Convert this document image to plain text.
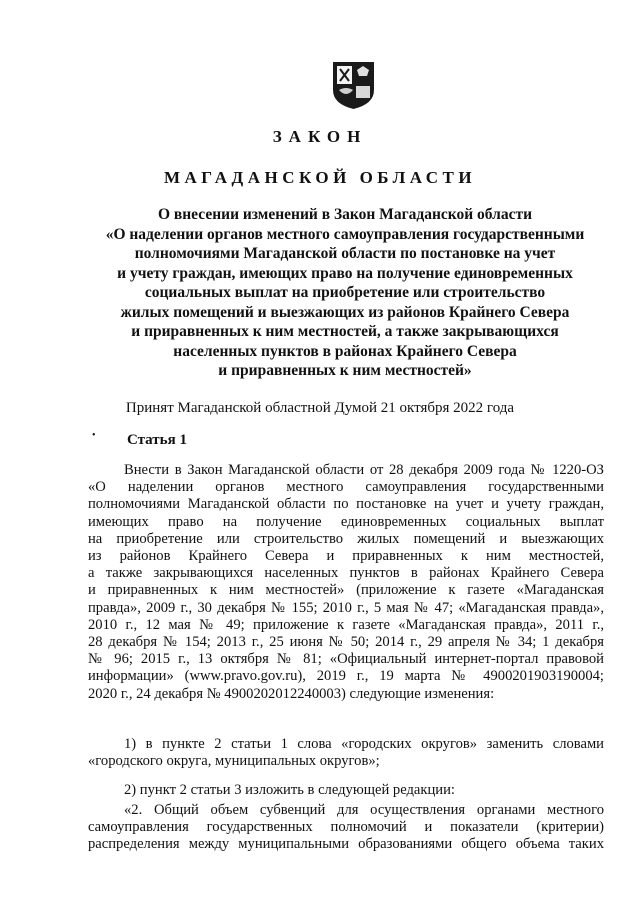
ЗАКОН
МАГАДАНСКОЙ ОБЛАСТИ
О внесении изменений в Закон Магаданской области
«О наделении органов местного самоуправления государственными
полномочиями Магаданской области по постановке на учет
и учету граждан, имеющих право на получение единовременных
социальных выплат на приобретение или строительство
жилых помещений и выезжающих из районов Крайнего Севера
и приравненных к ним местностей, а также закрывающихся
населенных пунктов в районах Крайнего Севера
и приравненных к ним местностей»
Принят Магаданской областной Думой 21 октября 2022 года
• Статья 1
Внести в Закон Магаданской области от 28 декабря 2009 года № 1220-ОЗ
«О наделении органов местного самоуправления государственными
полномочиями Магаданской области по постановке на учет и учету граждан,
имеющих право на получение единовременных социальных выплат
на приобретение или строительство жилых помещений и выезжающих
из районов Крайнего Севера и приравненных к ним местностей,
а также закрывающихся населенных пунктов в районах Крайнего Севера
и приравненных к ним местностей» (приложение к газете «Магаданская
правда», 2009 г., 30 декабря № 155; 2010 г., 5 мая № 47; «Магаданская правда»,
2010 г., 12 мая № 49; приложение к газете «Магаданская правда», 2011 г.,
28 декабря № 154; 2013 г., 25 июня № 50; 2014 г., 29 апреля № 34; 1 декабря
№ 96; 2015 г., 13 октября № 81; «Официальный интернет-портал правовой
информации» (www.pravo.gov.ru), 2019 г., 19 марта № 4900201903190004;
2020 г., 24 декабря № 4900202012240003) следующие изменения:
1) в пункте 2 статьи 1 слова «городских округов» заменить словами
«городского округа, муниципальных округов»;
2) пункт 2 статьи 3 изложить в следующей редакции:
«2. Общий объем субвенций для осуществления органами местного
самоуправления государственных полномочий и показатели (критерии)
распределения между муниципальными образованиями общего объема таких
